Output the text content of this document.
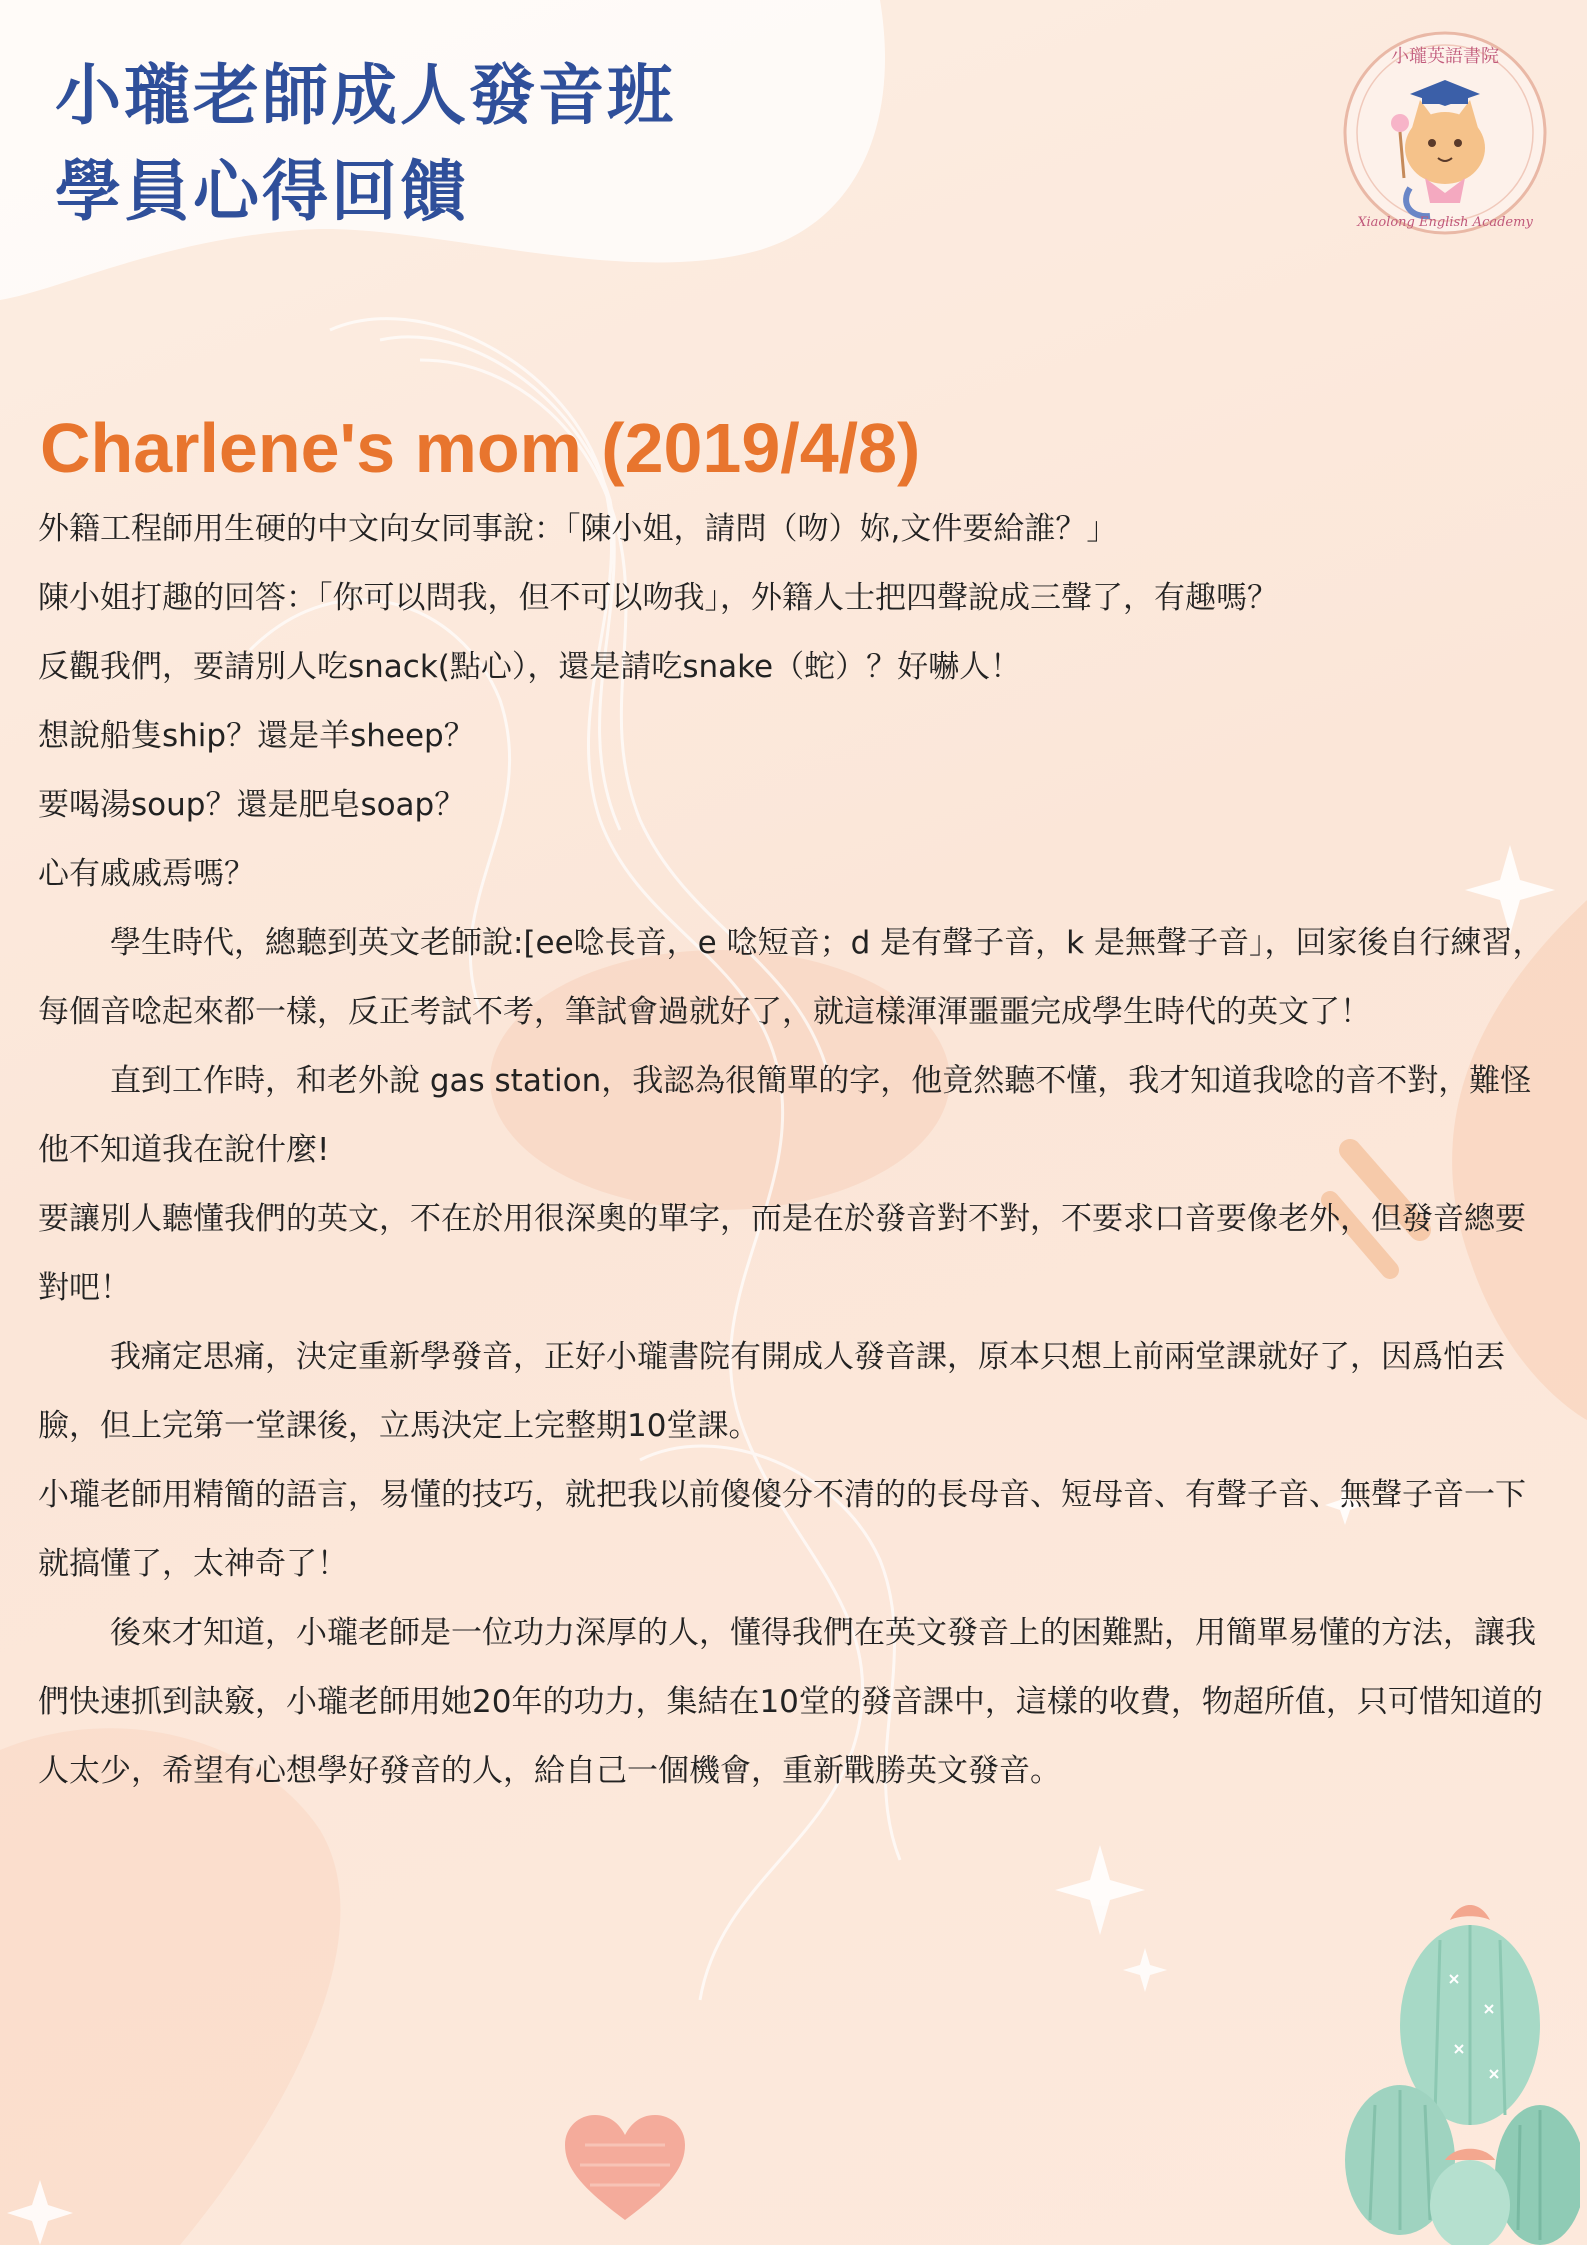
小瓏老師成人發音班
學員心得回饋
小瓏英語書院
Xiaolong English Academy
Charlene's mom (2019/4/8)

外籍工程師用生硬的中文向女同事說：「陳小姐，請問（吻）妳,文件要給誰？」

陳小姐打趣的回答：「你可以問我，但不可以吻我」，外籍人士把四聲說成三聲了，有趣嗎？

反觀我們，要請別人吃snack(點心），還是請吃snake（蛇）？好嚇人！

想說船隻ship？還是羊sheep？

要喝湯soup？還是肥皂soap？

心有戚戚焉嗎？

學生時代，總聽到英文老師說:[ee唸長音，e 唸短音；d 是有聲子音，k 是無聲子音」，回家後自行練習，每個音唸起來都一樣，反正考試不考，筆試會過就好了，就這樣渾渾噩噩完成學生時代的英文了！

直到工作時，和老外說 gas station，我認為很簡單的字，他竟然聽不懂，我才知道我唸的音不對，難怪他不知道我在說什麼!

要讓別人聽懂我們的英文，不在於用很深奧的單字，而是在於發音對不對，不要求口音要像老外，但發音總要對吧！

我痛定思痛，決定重新學發音，正好小瓏書院有開成人發音課，原本只想上前兩堂課就好了，因爲怕丟臉，但上完第一堂課後，立馬決定上完整期10堂課。

小瓏老師用精簡的語言，易懂的技巧，就把我以前傻傻分不清的的長母音、短母音、有聲子音、無聲子音一下就搞懂了，太神奇了！

後來才知道，小瓏老師是一位功力深厚的人，懂得我們在英文發音上的困難點，用簡單易懂的方法，讓我們快速抓到訣竅，小瓏老師用她20年的功力，集結在10堂的發音課中，這樣的收費，物超所值，只可惜知道的人太少，希望有心想學好發音的人，給自己一個機會，重新戰勝英文發音。
